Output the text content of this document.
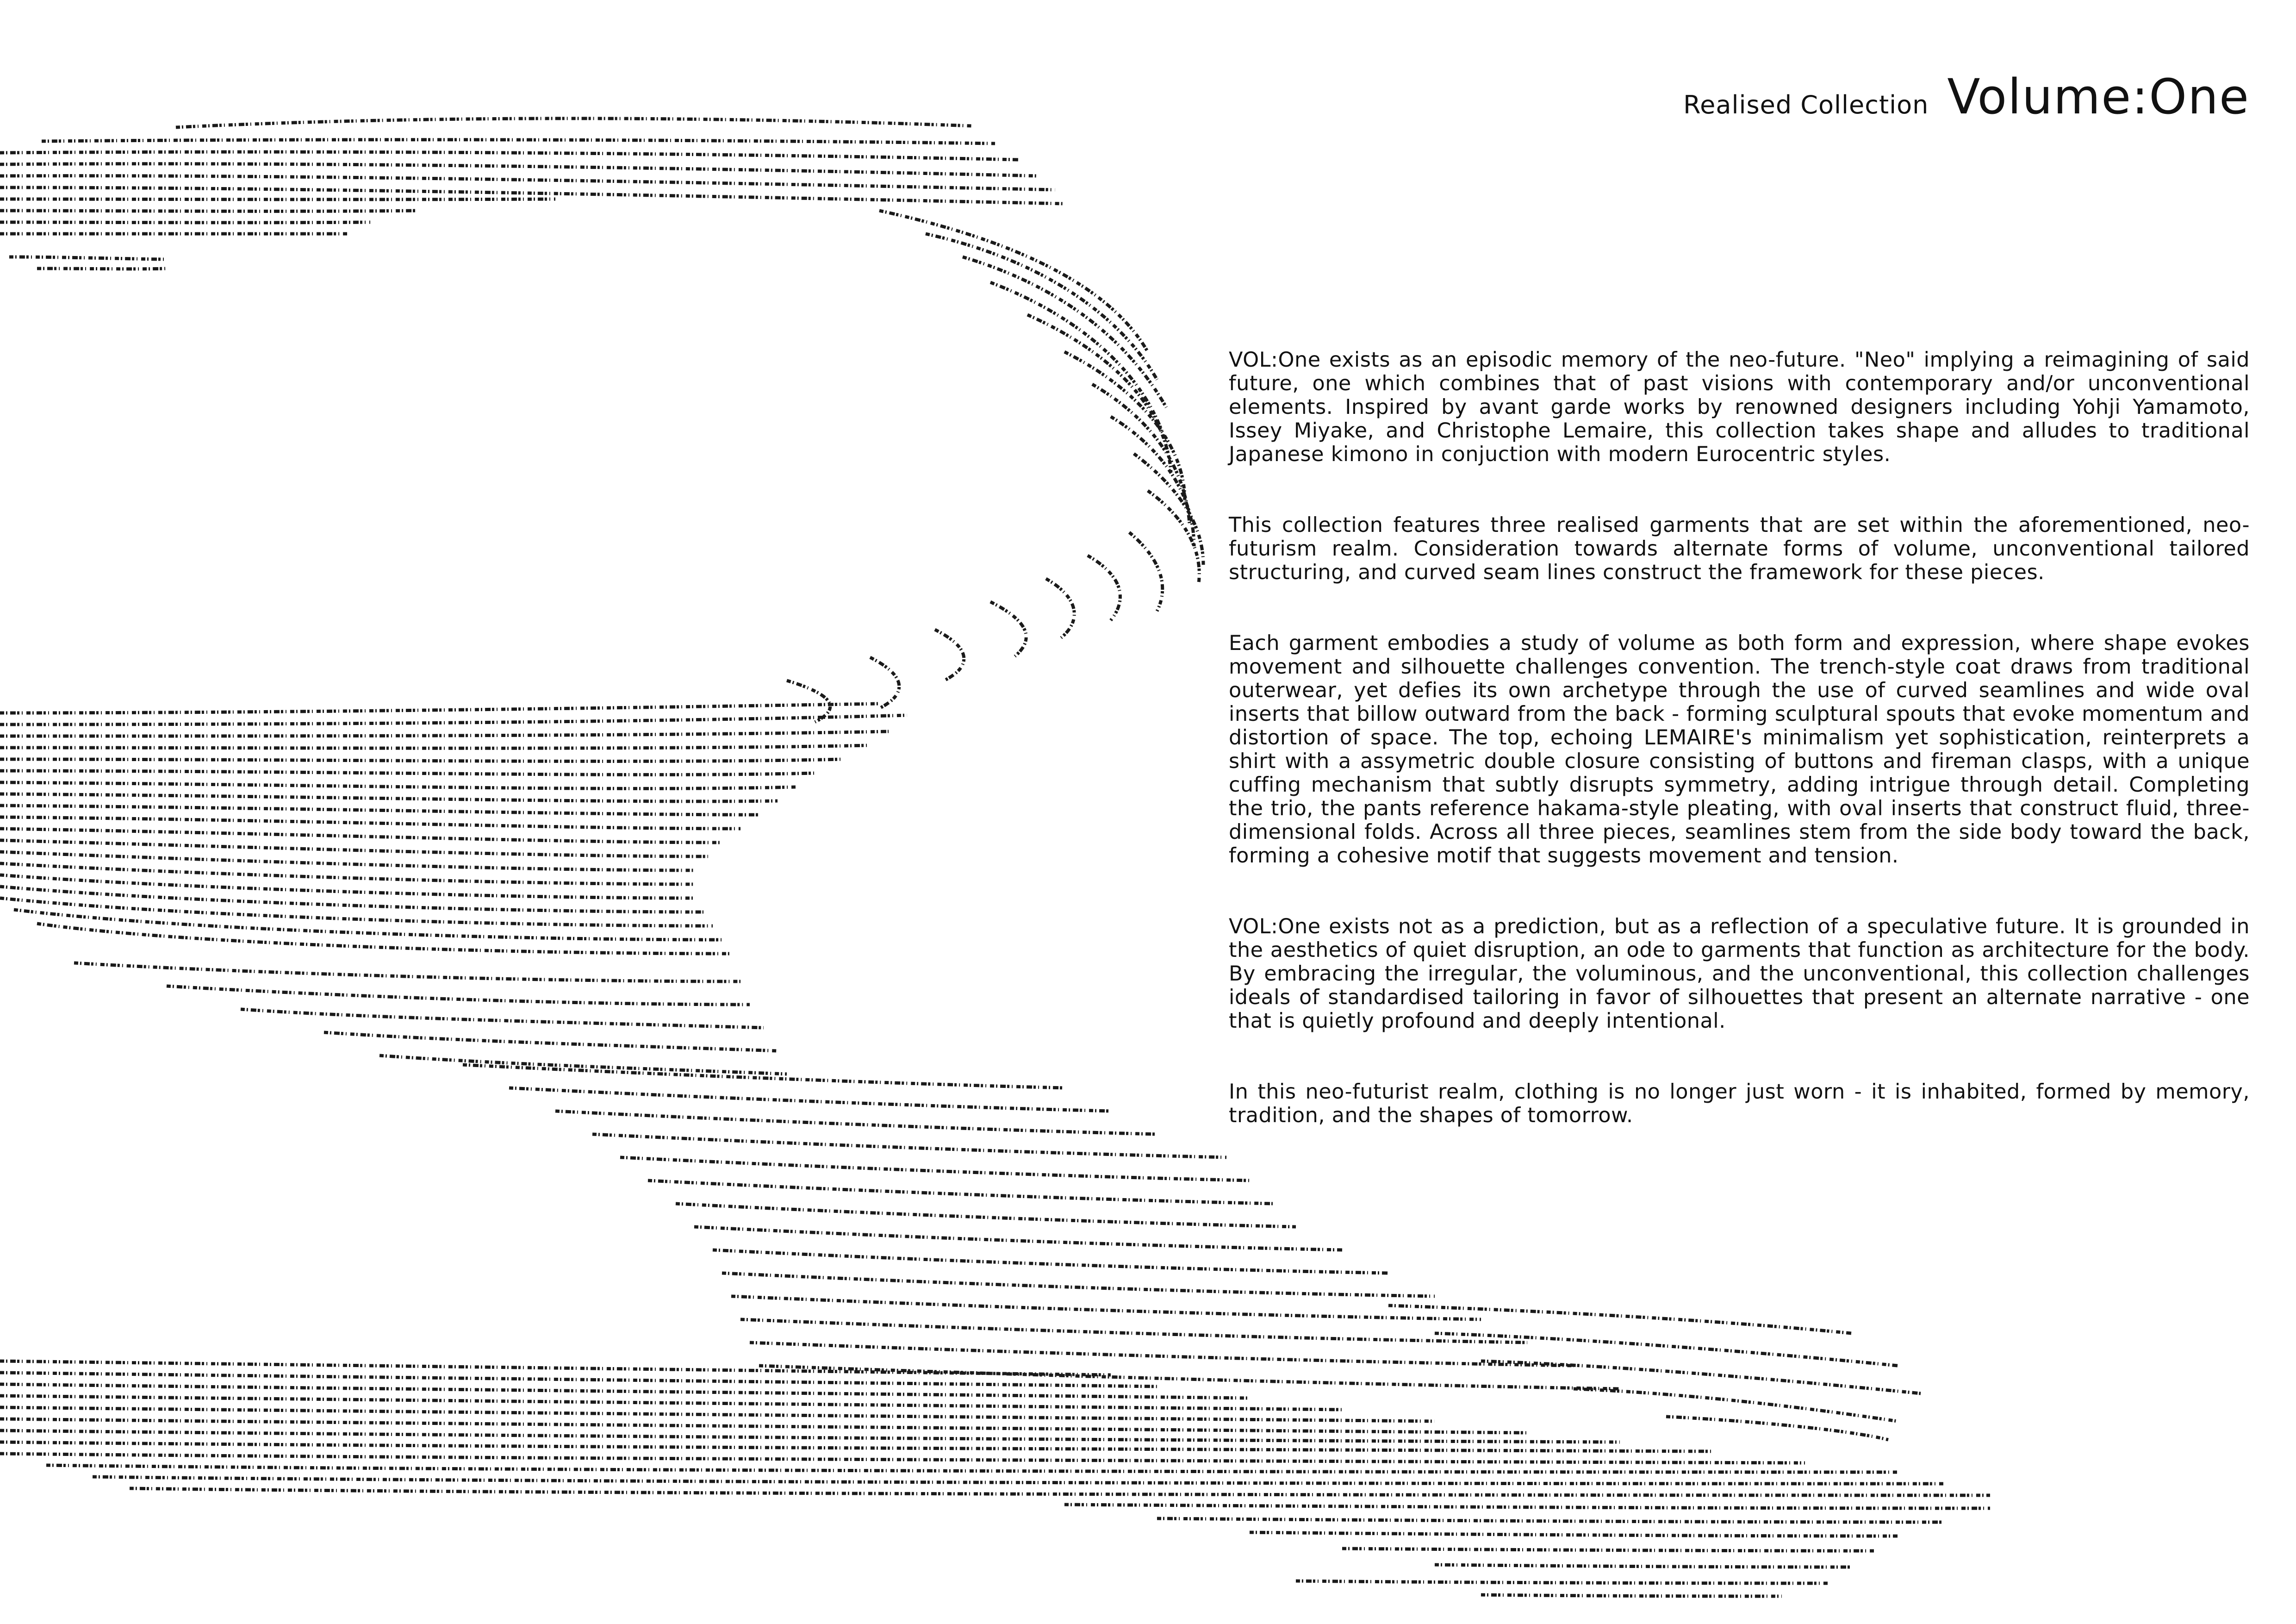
Realised Collection Volume:One

VOL:One exists as an episodic memory of the neo-future. "Neo" implying a reimagining of said future, one which combines that of past visions with contemporary and/or unconventional elements. Inspired by avant garde works by renowned designers including Yohji Yamamoto, Issey Miyake, and Christophe Lemaire, this collection takes shape and alludes to traditional Japanese kimono in conjuction with modern Eurocentric styles.

This collection features three realised garments that are set within the aforementioned, neo-futurism realm. Consideration towards alternate forms of volume, unconventional tailored structuring, and curved seam lines construct the framework for these pieces.

Each garment embodies a study of volume as both form and expression, where shape evokes movement and silhouette challenges convention. The trench-style coat draws from traditional outerwear, yet defies its own archetype through the use of curved seamlines and wide oval inserts that billow outward from the back - forming sculptural spouts that evoke momentum and distortion of space. The top, echoing LEMAIRE's minimalism yet sophistication, reinterprets a shirt with a assymetric double closure consisting of buttons and fireman clasps, with a unique cuffing mechanism that subtly disrupts symmetry, adding intrigue through detail. Completing the trio, the pants reference hakama-style pleating, with oval inserts that construct fluid, three-dimensional folds. Across all three pieces, seamlines stem from the side body toward the back, forming a cohesive motif that suggests movement and tension.

VOL:One exists not as a prediction, but as a reflection of a speculative future. It is grounded in the aesthetics of quiet disruption, an ode to garments that function as architecture for the body. By embracing the irregular, the voluminous, and the unconventional, this collection challenges ideals of standardised tailoring in favor of silhouettes that present an alternate narrative - one that is quietly profound and deeply intentional.

In this neo-futurist realm, clothing is no longer just worn - it is inhabited, formed by memory, tradition, and the shapes of tomorrow.
